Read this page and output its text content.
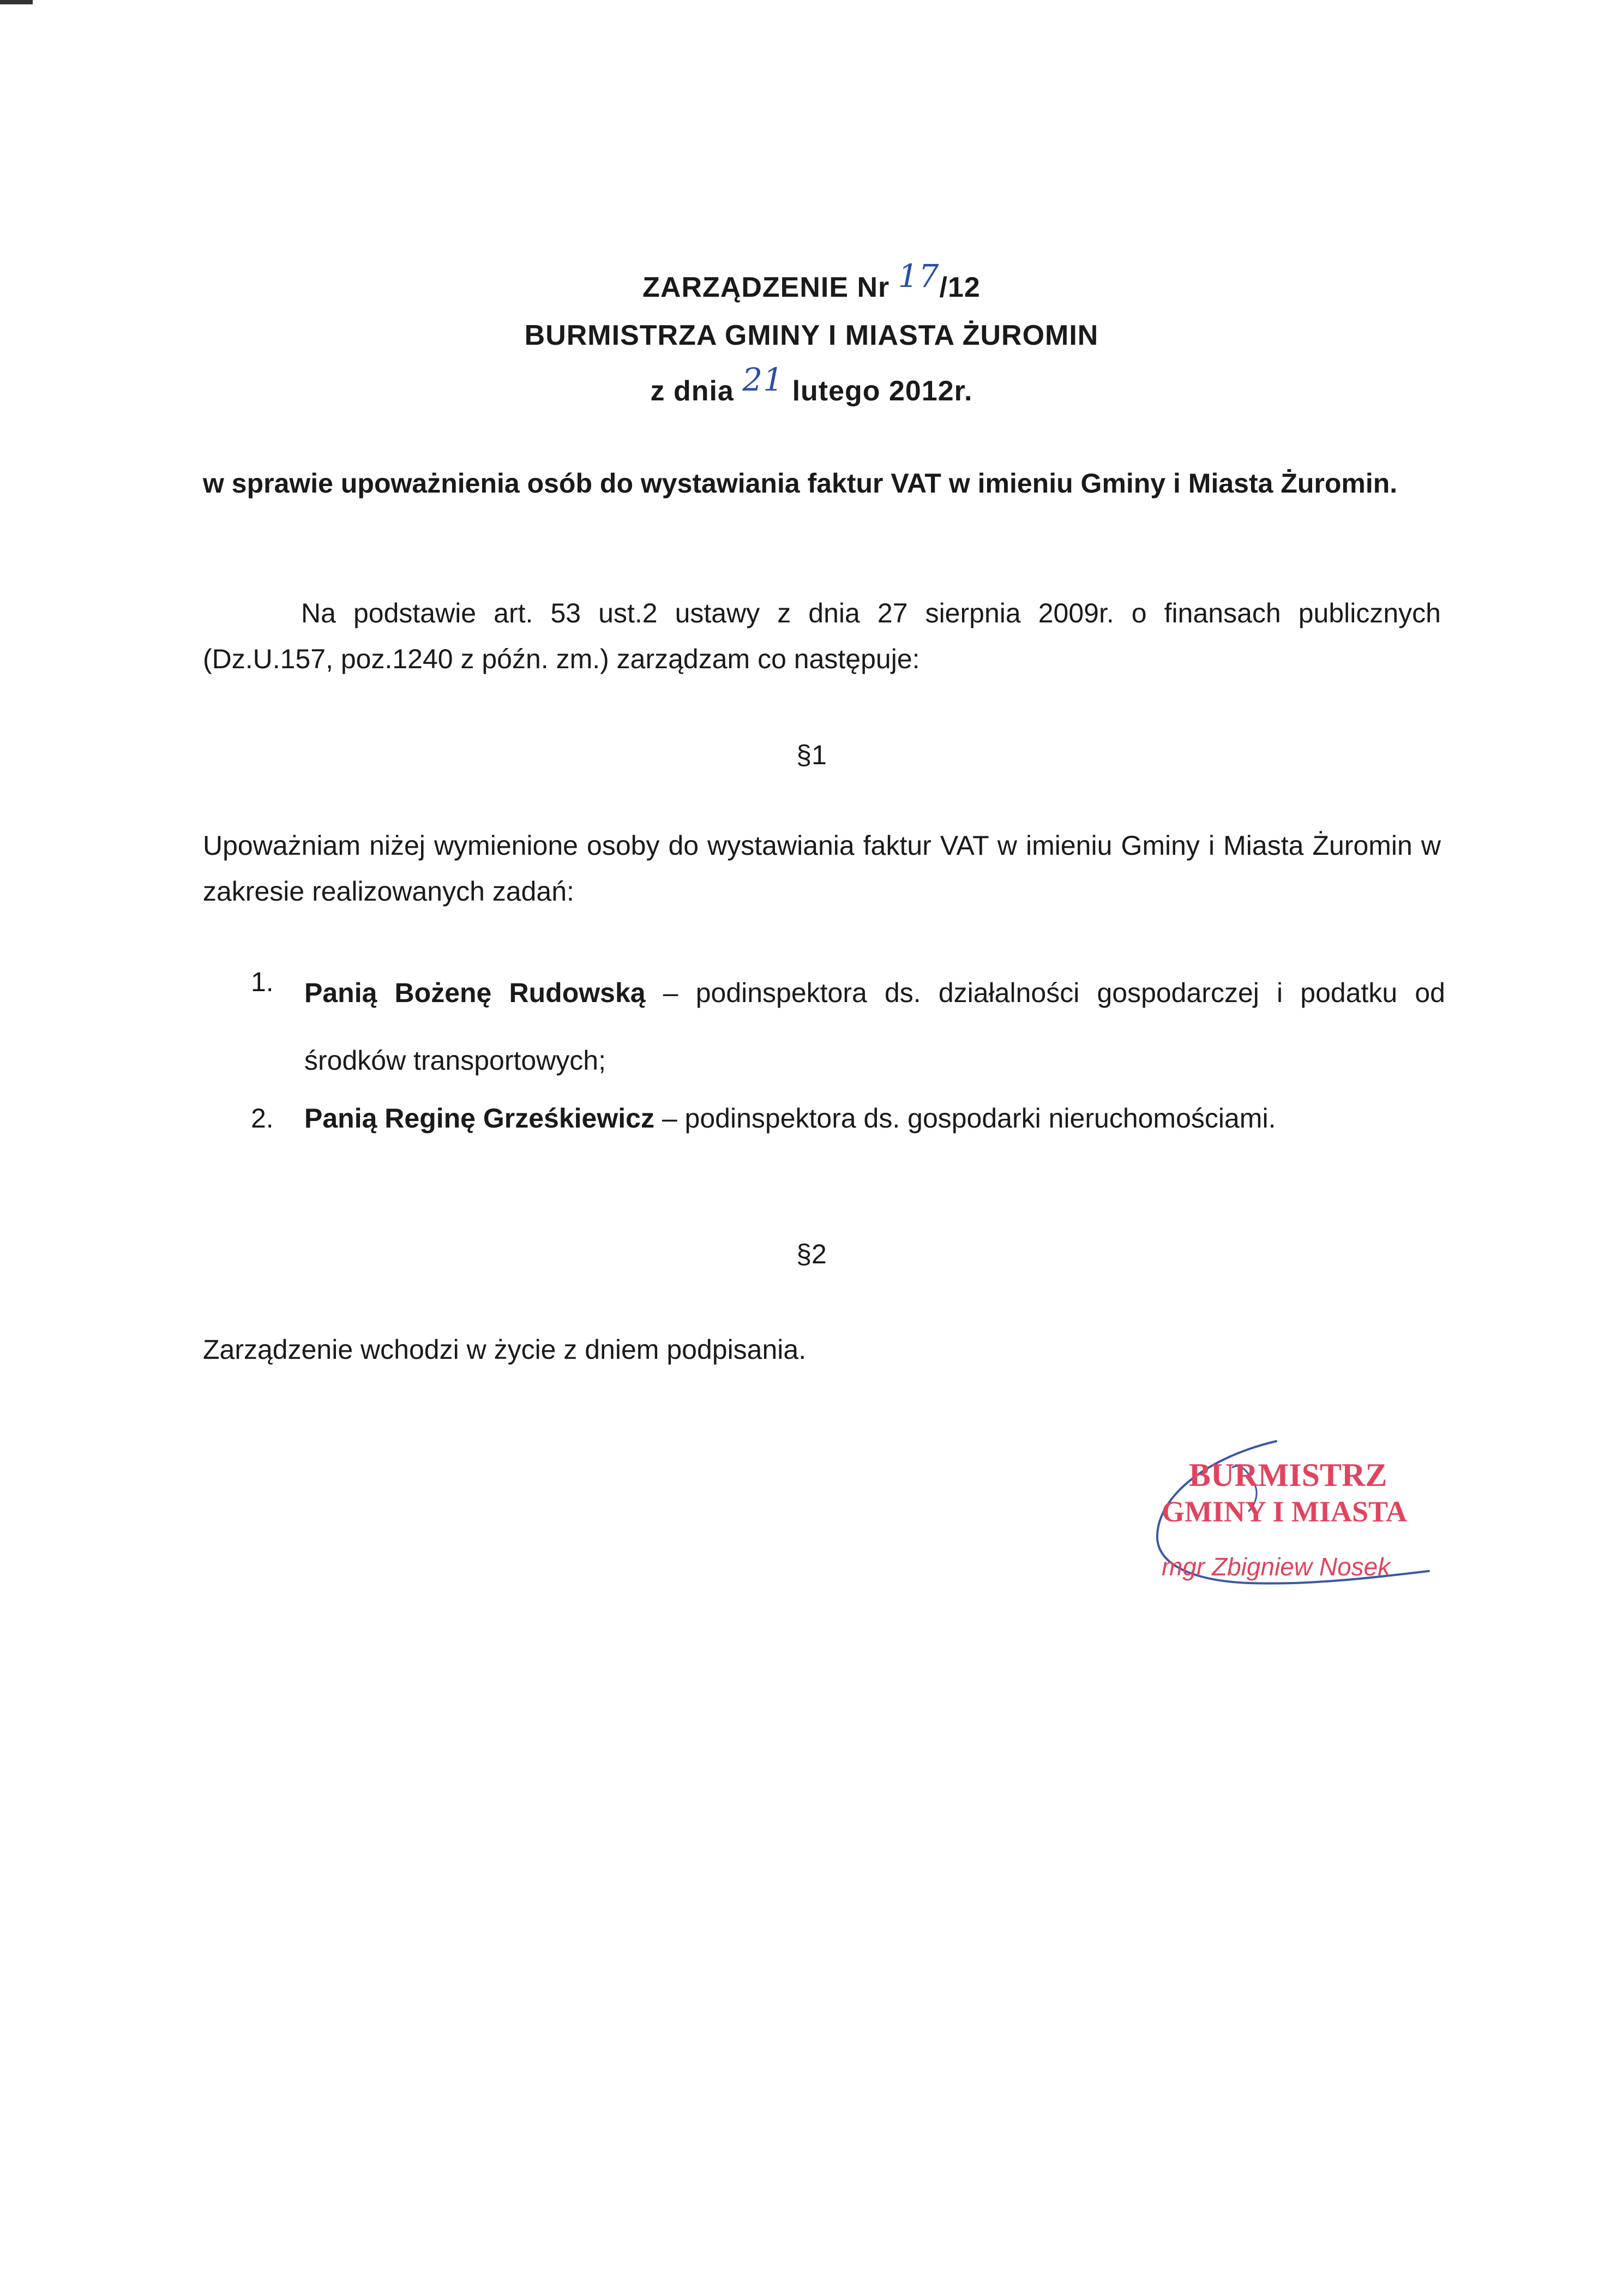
ZARZĄDZENIE Nr 17/12
BURMISTRZA GMINY I MIASTA ŻUROMIN
z dnia 21 lutego 2012r.
w sprawie upoważnienia osób do wystawiania faktur VAT w imieniu Gminy i Miasta Żuromin.
Na podstawie art. 53 ust.2 ustawy z dnia 27 sierpnia 2009r. o finansach publicznych (Dz.U.157, poz.1240 z późn. zm.) zarządzam co następuje:
§1
Upoważniam niżej wymienione osoby do wystawiania faktur VAT w imieniu Gminy i Miasta Żuromin w zakresie realizowanych zadań:
1.	Panią Bożenę Rudowską – podinspektora ds. działalności gospodarczej i podatku od środków transportowych;
2.	Panią Reginę Grześkiewicz – podinspektora ds. gospodarki nieruchomościami.
§2
Zarządzenie wchodzi w życie z dniem podpisania.
BURMISTRZ
GMINY I MIASTA
mgr Zbigniew Nosek
